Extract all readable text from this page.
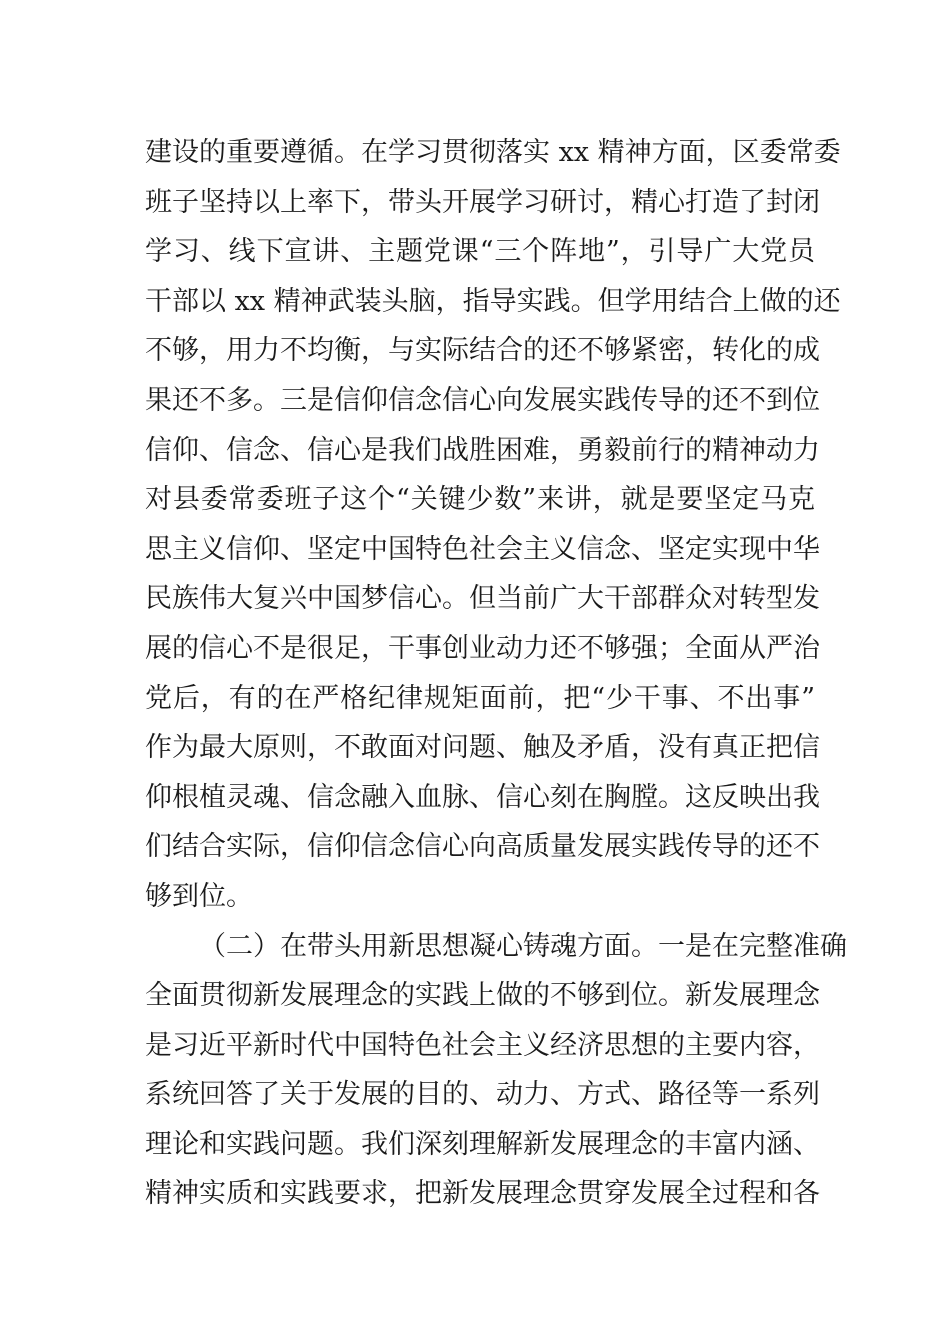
建设的重要遵循。在学习贯彻落实 xx 精神方面，区委常委
班子坚持以上率下，带头开展学习研讨，精心打造了封闭
学习、线下宣讲、主题党课“三个阵地”，引导广大党员
干部以 xx 精神武装头脑，指导实践。但学用结合上做的还
不够，用力不均衡，与实际结合的还不够紧密，转化的成
果还不多。三是信仰信念信心向发展实践传导的还不到位
信仰、信念、信心是我们战胜困难，勇毅前行的精神动力
对县委常委班子这个“关键少数”来讲，就是要坚定马克
思主义信仰、坚定中国特色社会主义信念、坚定实现中华
民族伟大复兴中国梦信心。但当前广大干部群众对转型发
展的信心不是很足，干事创业动力还不够强；全面从严治
党后，有的在严格纪律规矩面前，把“少干事、不出事”
作为最大原则，不敢面对问题、触及矛盾，没有真正把信
仰根植灵魂、信念融入血脉、信心刻在胸膛。这反映出我
们结合实际，信仰信念信心向高质量发展实践传导的还不
够到位。
（二）在带头用新思想凝心铸魂方面。一是在完整准确
全面贯彻新发展理念的实践上做的不够到位。新发展理念
是习近平新时代中国特色社会主义经济思想的主要内容，
系统回答了关于发展的目的、动力、方式、路径等一系列
理论和实践问题。我们深刻理解新发展理念的丰富内涵、
精神实质和实践要求，把新发展理念贯穿发展全过程和各
